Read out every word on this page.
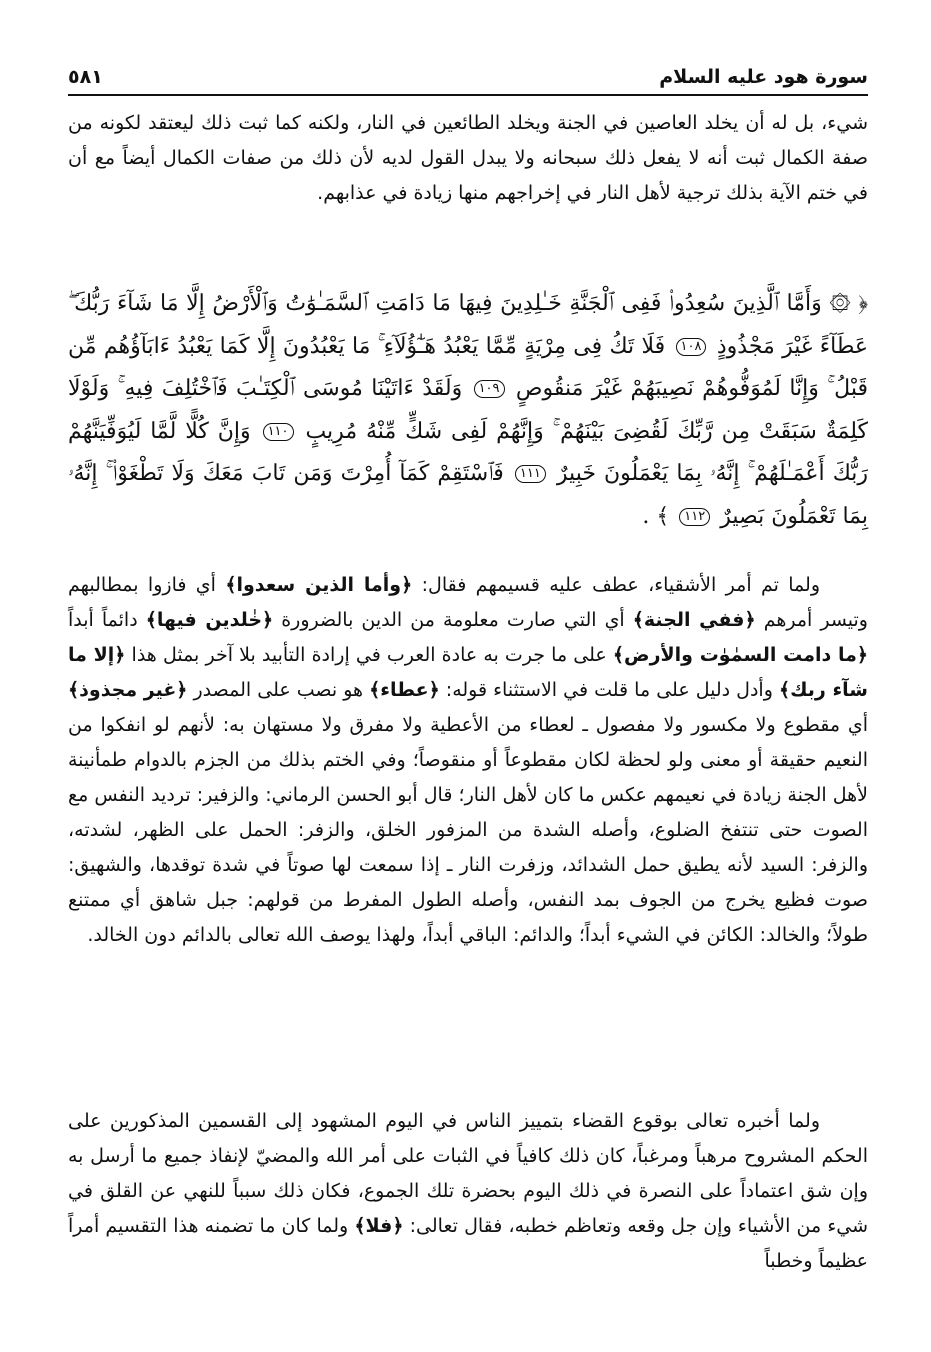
سورة هود عليه السلام
٥٨١
شيء، بل له أن يخلد العاصين في الجنة ويخلد الطائعين في النار، ولكنه كما ثبت ذلك ليعتقد لكونه من صفة الكمال ثبت أنه لا يفعل ذلك سبحانه ولا يبدل القول لديه لأن ذلك من صفات الكمال أيضاً مع أن في ختم الآية بذلك ترجية لأهل النار في إخراجهم منها زيادة في عذابهم.
﴿ ۞ وَأَمَّا ٱلَّذِينَ سُعِدُوا۟ فَفِى ٱلْجَنَّةِ خَـٰلِدِينَ فِيهَا مَا دَامَتِ ٱلسَّمَـٰوَٰتُ وَٱلْأَرْضُ إِلَّا مَا شَآءَ رَبُّكَ ۖ عَطَآءً غَيْرَ مَجْذُوذٍ ١٠٨ فَلَا تَكُ فِى مِرْيَةٍ مِّمَّا يَعْبُدُ هَـٰٓؤُلَآءِ ۚ مَا يَعْبُدُونَ إِلَّا كَمَا يَعْبُدُ ءَابَآؤُهُم مِّن قَبْلُ ۚ وَإِنَّا لَمُوَفُّوهُمْ نَصِيبَهُمْ غَيْرَ مَنقُوصٍ ١٠٩ وَلَقَدْ ءَاتَيْنَا مُوسَى ٱلْكِتَـٰبَ فَٱخْتُلِفَ فِيهِ ۚ وَلَوْلَا كَلِمَةٌ سَبَقَتْ مِن رَّبِّكَ لَقُضِىَ بَيْنَهُمْ ۚ وَإِنَّهُمْ لَفِى شَكٍّ مِّنْهُ مُرِيبٍ ١١٠ وَإِنَّ كُلًّا لَّمَّا لَيُوَفِّيَنَّهُمْ رَبُّكَ أَعْمَـٰلَهُمْ ۚ إِنَّهُۥ بِمَا يَعْمَلُونَ خَبِيرٌ ١١١ فَٱسْتَقِمْ كَمَآ أُمِرْتَ وَمَن تَابَ مَعَكَ وَلَا تَطْغَوْا۟ ۚ إِنَّهُۥ بِمَا تَعْمَلُونَ بَصِيرٌ ١١٢ ﴾ .
ولما تم أمر الأشقياء، عطف عليه قسيمهم فقال: ﴿وأما الذين سعدوا﴾ أي فازوا بمطالبهم وتيسر أمرهم ﴿ففي الجنة﴾ أي التي صارت معلومة من الدين بالضرورة ﴿خٰلدين فيها﴾ دائماً أبداً ﴿ما دامت السمٰوٰت والأرض﴾ على ما جرت به عادة العرب في إرادة التأبيد بلا آخر بمثل هذا ﴿إلا ما شآء ربك﴾ وأدل دليل على ما قلت في الاستثناء قوله: ﴿عطاء﴾ هو نصب على المصدر ﴿غير مجذوذ﴾ أي مقطوع ولا مكسور ولا مفصول ـ لعطاء من الأعطية ولا مفرق ولا مستهان به: لأنهم لو انفكوا من النعيم حقيقة أو معنى ولو لحظة لكان مقطوعاً أو منقوصاً؛ وفي الختم بذلك من الجزم بالدوام طمأنينة لأهل الجنة زيادة في نعيمهم عكس ما كان لأهل النار؛ قال أبو الحسن الرماني: والزفير: ترديد النفس مع الصوت حتى تنتفخ الضلوع، وأصله الشدة من المزفور الخلق، والزفر: الحمل على الظهر، لشدته، والزفر: السيد لأنه يطيق حمل الشدائد، وزفرت النار ـ إذا سمعت لها صوتاً في شدة توقدها، والشهيق: صوت فظيع يخرج من الجوف بمد النفس، وأصله الطول المفرط من قولهم: جبل شاهق أي ممتنع طولاً؛ والخالد: الكائن في الشيء أبداً؛ والدائم: الباقي أبداً، ولهذا يوصف الله تعالى بالدائم دون الخالد.
ولما أخبره تعالى بوقوع القضاء بتمييز الناس في اليوم المشهود إلى القسمين المذكورين على الحكم المشروح مرهباً ومرغباً، كان ذلك كافياً في الثبات على أمر الله والمضيّ لإنفاذ جميع ما أرسل به وإن شق اعتماداً على النصرة في ذلك اليوم بحضرة تلك الجموع، فكان ذلك سبباً للنهي عن القلق في شيء من الأشياء وإن جل وقعه وتعاظم خطبه، فقال تعالى: ﴿فلا﴾ ولما كان ما تضمنه هذا التقسيم أمراً عظيماً وخطباً
